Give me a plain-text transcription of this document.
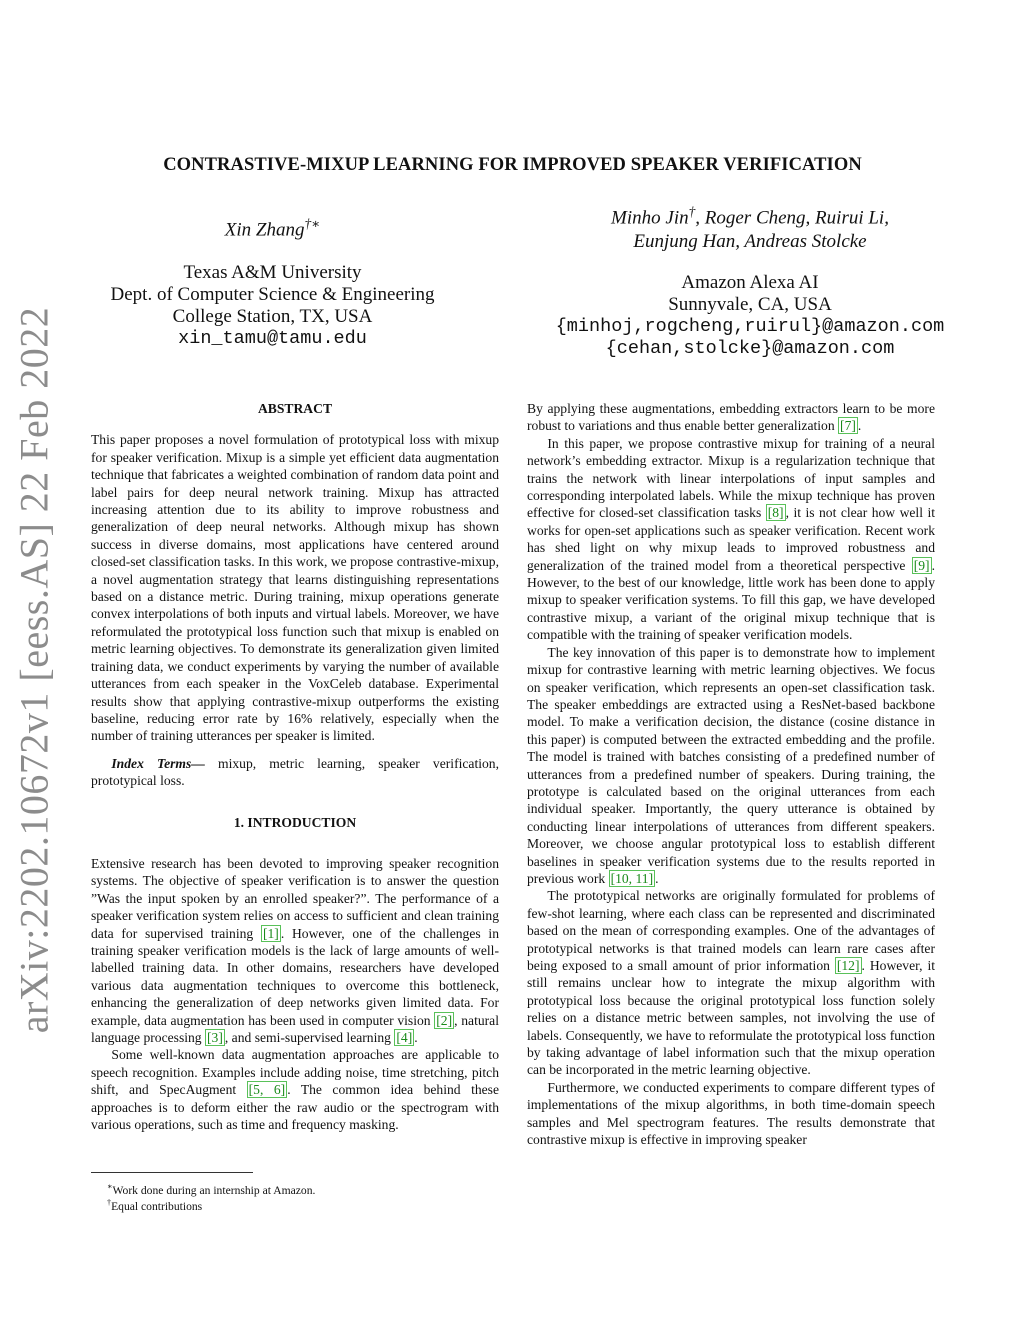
arXiv:2202.10672v1 [eess.AS] 22 Feb 2022
CONTRASTIVE-MIXUP LEARNING FOR IMPROVED SPEAKER VERIFICATION
Xin Zhang†∗
Texas A&M University
Dept. of Computer Science & Engineering
College Station, TX, USA
xin_tamu@tamu.edu
Minho Jin†, Roger Cheng, Ruirui Li,
Eunjung Han, Andreas Stolcke
Amazon Alexa AI
Sunnyvale, CA, USA
{minhoj,rogcheng,ruirul}@amazon.com
{cehan,stolcke}@amazon.com
ABSTRACT

This paper proposes a novel formulation of prototypical loss with mixup for speaker verification. Mixup is a simple yet efficient data augmentation technique that fabricates a weighted combination of random data point and label pairs for deep neural network training. Mixup has attracted increasing attention due to its ability to improve robustness and generalization of deep neural networks. Although mixup has shown success in diverse domains, most applications have centered around closed-set classification tasks. In this work, we propose contrastive-mixup, a novel augmentation strategy that learns distinguishing representations based on a distance metric. During training, mixup operations generate convex interpolations of both inputs and virtual labels. Moreover, we have reformulated the prototypical loss function such that mixup is enabled on metric learning objectives. To demonstrate its generalization given limited training data, we conduct experiments by varying the number of available utterances from each speaker in the VoxCeleb database. Experimental results show that applying contrastive-mixup outperforms the existing baseline, reducing error rate by 16% relatively, especially when the number of training utterances per speaker is limited.

Index Terms— mixup, metric learning, speaker verification, prototypical loss.

1. INTRODUCTION

Extensive research has been devoted to improving speaker recognition systems. The objective of speaker verification is to answer the question ”Was the input spoken by an enrolled speaker?”. The performance of a speaker verification system relies on access to sufficient and clean training data for supervised training [1] . However, one of the challenges in training speaker verification models is the lack of large amounts of well-labelled training data. In other domains, researchers have developed various data augmentation techniques to overcome this bottleneck, enhancing the generalization of deep networks given limited data. For example, data augmentation has been used in computer vision [2] , natural language processing [3] , and semi-supervised learning [4] .

Some well-known data augmentation approaches are applicable to speech recognition. Examples include adding noise, time stretching, pitch shift, and SpecAugment [5, 6] . The common idea behind these approaches is to deform either the raw audio or the spectrogram with various operations, such as time and frequency masking.

∗Work done during an internship at Amazon.
†Equal contributions

By applying these augmentations, embedding extractors learn to be more robust to variations and thus enable better generalization [7] .

In this paper, we propose contrastive mixup for training of a neural network’s embedding extractor. Mixup is a regularization technique that trains the network with linear interpolations of input samples and corresponding interpolated labels. While the mixup technique has proven effective for closed-set classification tasks [8] , it is not clear how well it works for open-set applications such as speaker verification. Recent work has shed light on why mixup leads to improved robustness and generalization of the trained model from a theoretical perspective [9] . However, to the best of our knowledge, little work has been done to apply mixup to speaker verification systems. To fill this gap, we have developed contrastive mixup, a variant of the original mixup technique that is compatible with the training of speaker verification models.

The key innovation of this paper is to demonstrate how to implement mixup for contrastive learning with metric learning objectives. We focus on speaker verification, which represents an open-set classification task. The speaker embeddings are extracted using a ResNet-based backbone model. To make a verification decision, the distance (cosine distance in this paper) is computed between the extracted embedding and the profile. The model is trained with batches consisting of a predefined number of utterances from a predefined number of speakers. During training, the prototype is calculated based on the original utterances from each individual speaker. Importantly, the query utterance is obtained by conducting linear interpolations of utterances from different speakers. Moreover, we choose angular prototypical loss to establish different baselines in speaker verification systems due to the results reported in previous work [10, 11] .

The prototypical networks are originally formulated for problems of few-shot learning, where each class can be represented and discriminated based on the mean of corresponding examples. One of the advantages of prototypical networks is that trained models can learn rare cases after being exposed to a small amount of prior information [12] . However, it still remains unclear how to integrate the mixup algorithm with prototypical loss because the original prototypical loss function solely relies on a distance metric between samples, not involving the use of labels. Consequently, we have to reformulate the prototypical loss function by taking advantage of label information such that the mixup operation can be incorporated in the metric learning objective.

Furthermore, we conducted experiments to compare different types of implementations of the mixup algorithms, in both time-domain speech samples and Mel spectrogram features. The results demonstrate that contrastive mixup is effective in improving speaker
